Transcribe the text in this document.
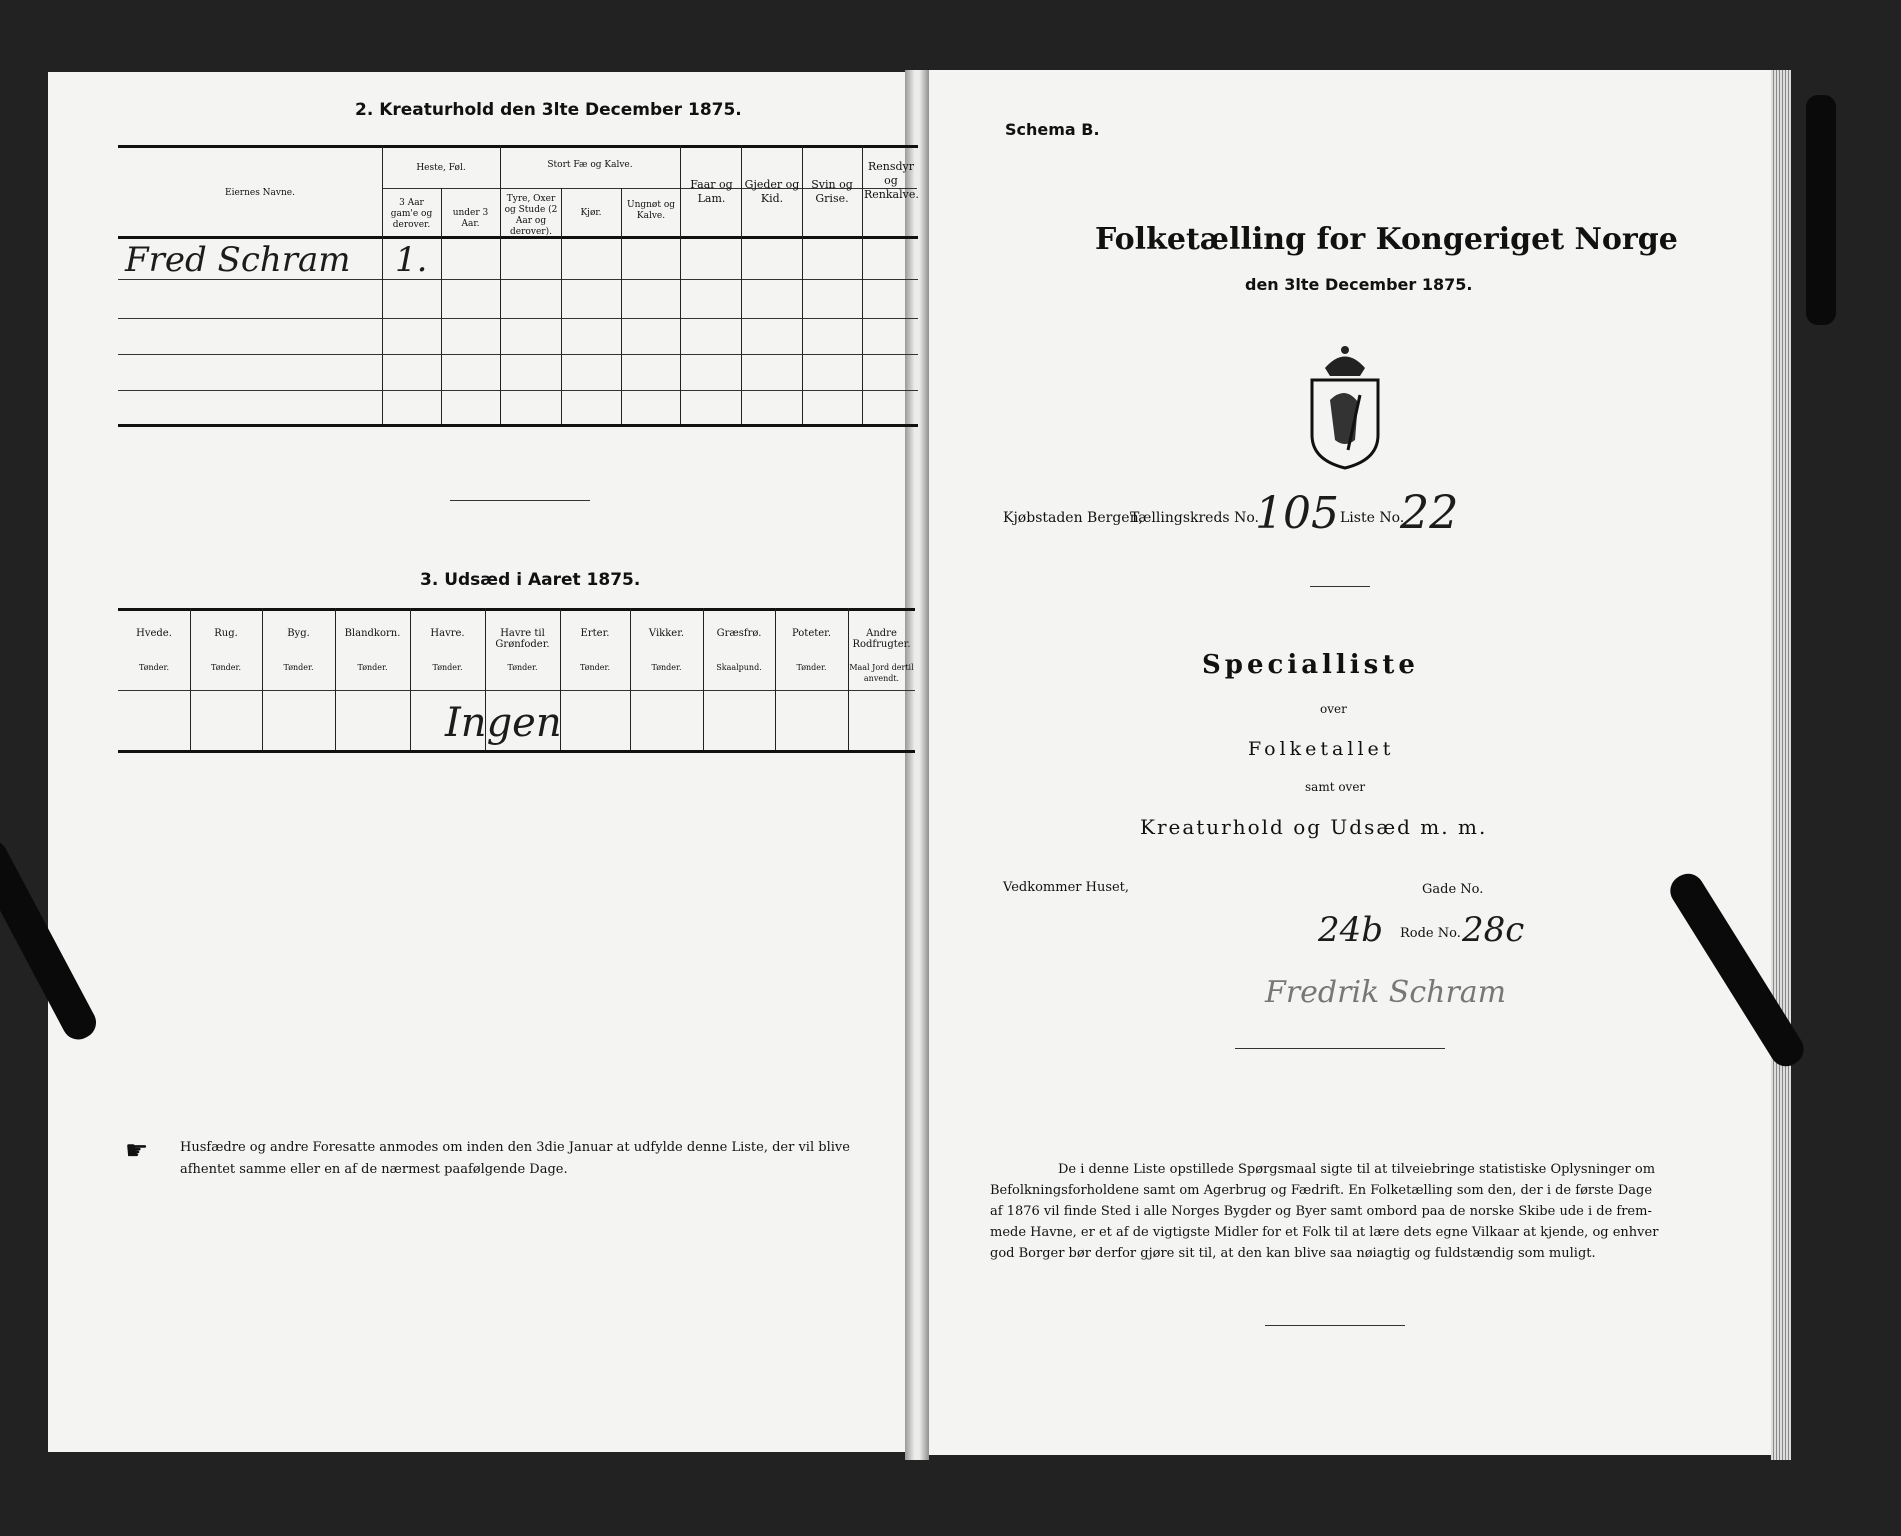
2. Kreaturhold den 3lte December 1875.
Eiernes Navne.
Heste, Føl.
3 Aar gam'e og derover.
under 3 Aar.
Stort Fæ og Kalve.
Tyre, Oxer og Stude (2 Aar og derover).
Kjør.
Ungnøt og Kalve.
Faar og Lam.
Gjeder og Kid.
Svin og Grise.
Rensdyr og Renkalve.
Fred Schram 1.
3. Udsæd i Aaret 1875.
Hvede.
Tønder.
Rug.
Tønder.
Byg.
Tønder.
Blandkorn.
Tønder.
Havre.
Tønder.
Havre til Grønfoder.
Tønder.
Erter.
Tønder.
Vikker.
Tønder.
Græsfrø.
Skaalpund.
Poteter.
Tønder.
Andre Rodfrugter.
Maal Jord dertil anvendt.
Ingen
☛ Husfædre og andre Foresatte anmodes om inden den 3die Januar at udfylde denne Liste, der vil blive
afhentet samme eller en af de nærmest paafølgende Dage.
Schema B.
Folketælling for Kongeriget Norge
den 3lte December 1875.
Kjøbstaden Bergen,
Tællingskreds No.
105 Liste No.
22
Specialliste
over
Folketallet
samt over
Kreaturhold og Udsæd m. m.
Vedkommer Huset,	Gade No.
24b Rode No. 28c
Fredrik Schram
De i denne Liste opstillede Spørgsmaal sigte til at tilveiebringe statistiske Oplysninger om
Befolkningsforholdene samt om Agerbrug og Fædrift. En Folketælling som den, der i de første Dage
af 1876 vil finde Sted i alle Norges Bygder og Byer samt ombord paa de norske Skibe ude i de frem-
mede Havne, er et af de vigtigste Midler for et Folk til at lære dets egne Vilkaar at kjende, og enhver
god Borger bør derfor gjøre sit til, at den kan blive saa nøiagtig og fuldstændig som muligt.
